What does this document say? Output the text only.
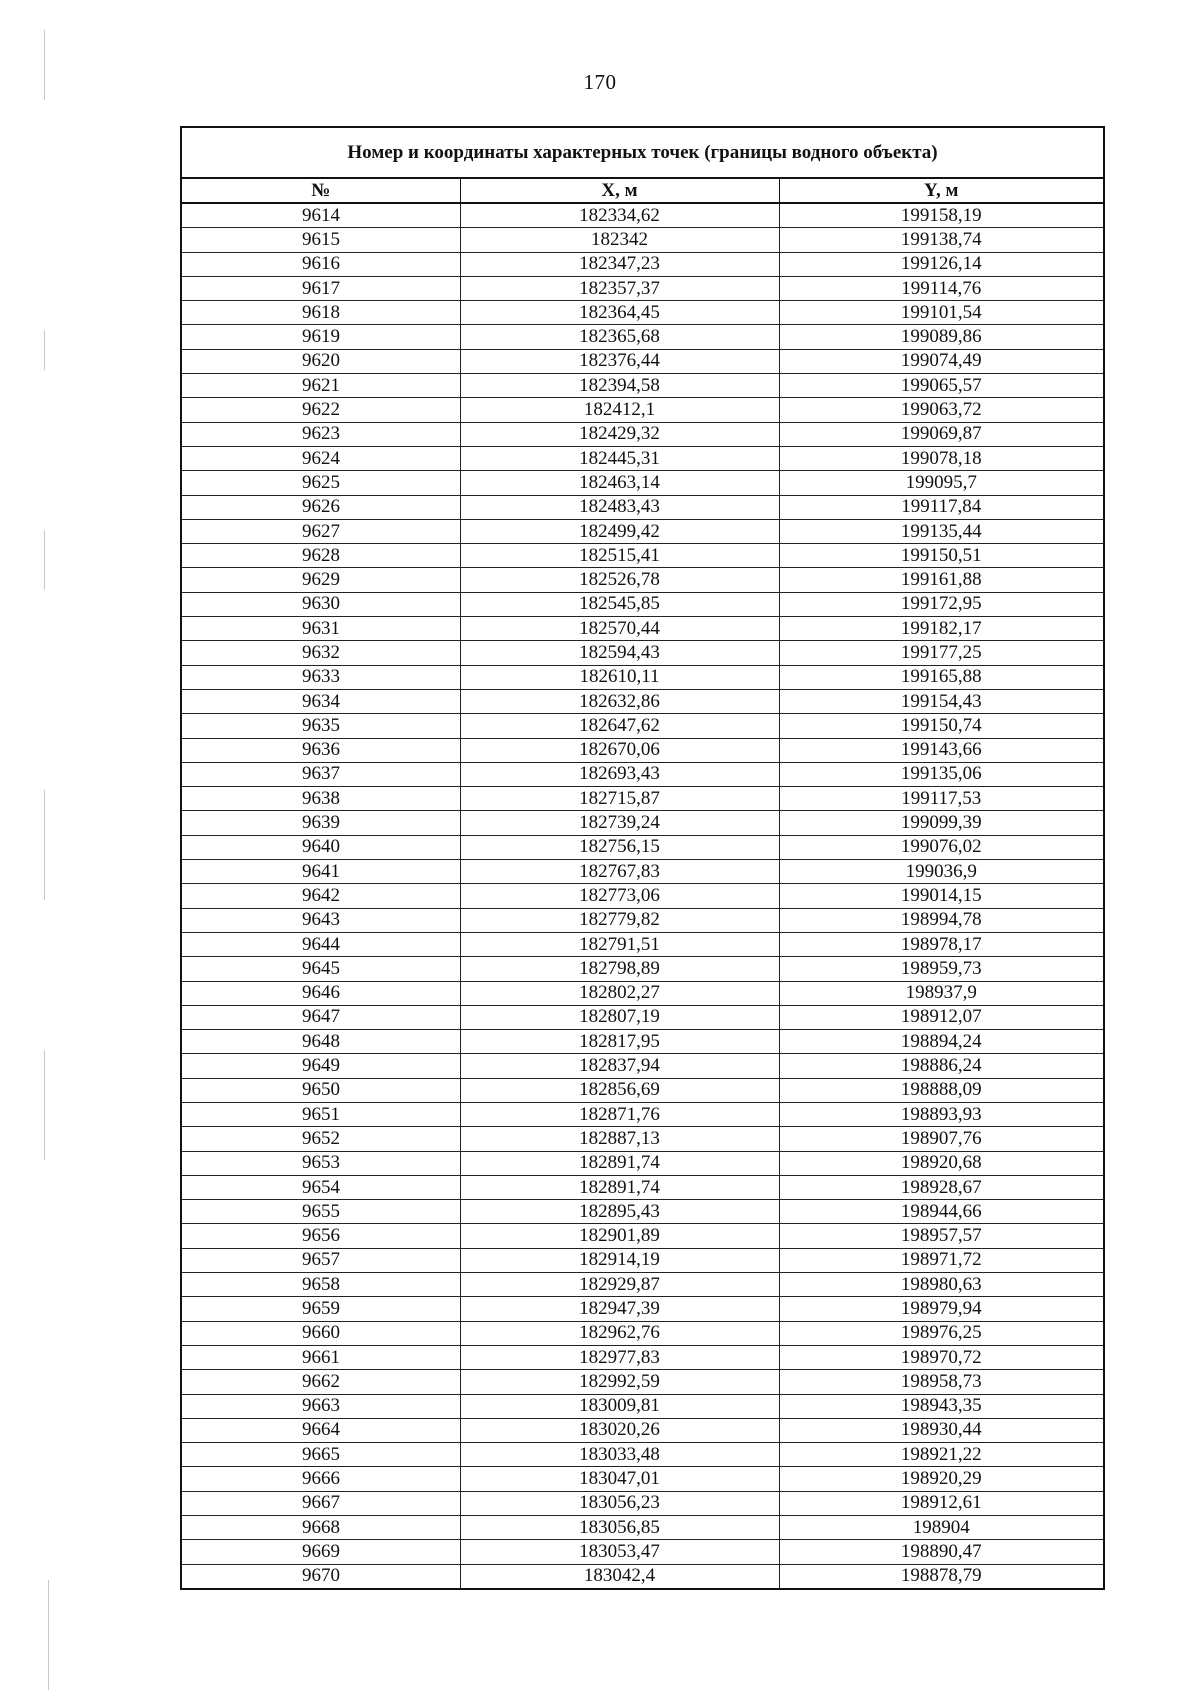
170
Номер и координаты характерных точек (границы водного объекта)		
№	X, м	Y, м
9614	182334,62	199158,19
9615	182342	199138,74
9616	182347,23	199126,14
9617	182357,37	199114,76
9618	182364,45	199101,54
9619	182365,68	199089,86
9620	182376,44	199074,49
9621	182394,58	199065,57
9622	182412,1	199063,72
9623	182429,32	199069,87
9624	182445,31	199078,18
9625	182463,14	199095,7
9626	182483,43	199117,84
9627	182499,42	199135,44
9628	182515,41	199150,51
9629	182526,78	199161,88
9630	182545,85	199172,95
9631	182570,44	199182,17
9632	182594,43	199177,25
9633	182610,11	199165,88
9634	182632,86	199154,43
9635	182647,62	199150,74
9636	182670,06	199143,66
9637	182693,43	199135,06
9638	182715,87	199117,53
9639	182739,24	199099,39
9640	182756,15	199076,02
9641	182767,83	199036,9
9642	182773,06	199014,15
9643	182779,82	198994,78
9644	182791,51	198978,17
9645	182798,89	198959,73
9646	182802,27	198937,9
9647	182807,19	198912,07
9648	182817,95	198894,24
9649	182837,94	198886,24
9650	182856,69	198888,09
9651	182871,76	198893,93
9652	182887,13	198907,76
9653	182891,74	198920,68
9654	182891,74	198928,67
9655	182895,43	198944,66
9656	182901,89	198957,57
9657	182914,19	198971,72
9658	182929,87	198980,63
9659	182947,39	198979,94
9660	182962,76	198976,25
9661	182977,83	198970,72
9662	182992,59	198958,73
9663	183009,81	198943,35
9664	183020,26	198930,44
9665	183033,48	198921,22
9666	183047,01	198920,29
9667	183056,23	198912,61
9668	183056,85	198904
9669	183053,47	198890,47
9670	183042,4	198878,79
